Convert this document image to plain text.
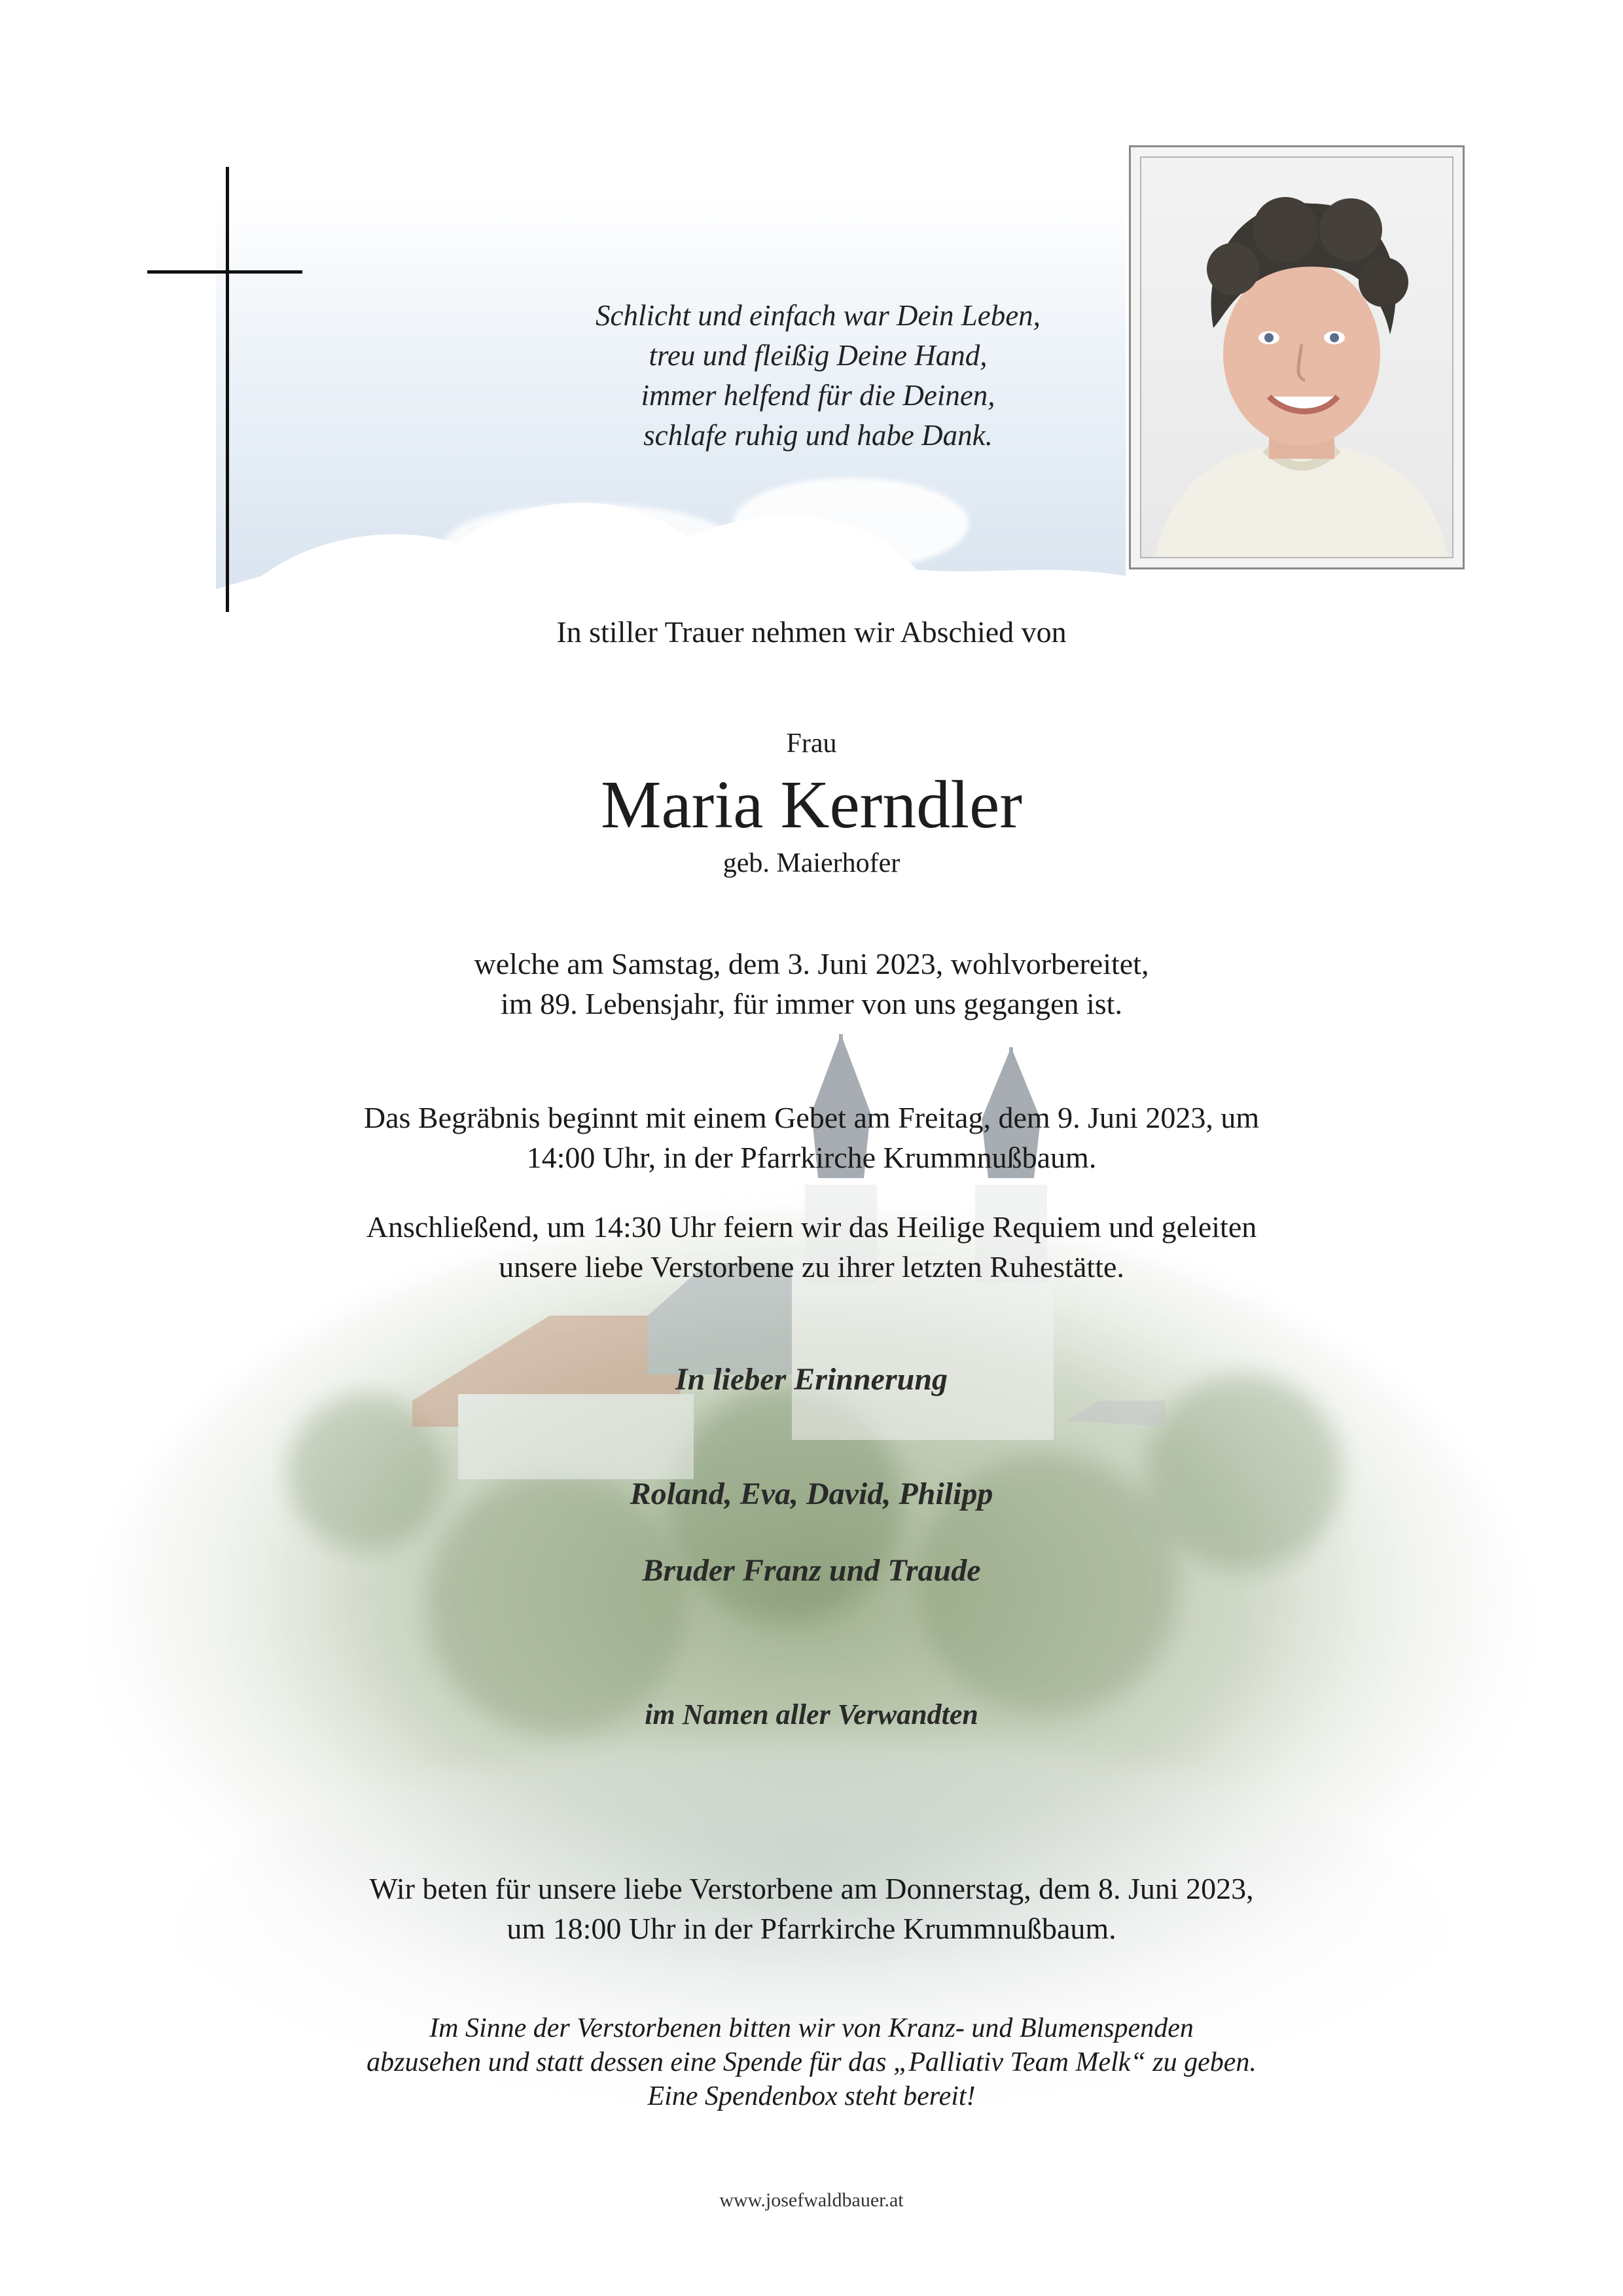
Schlicht und einfach war Dein Leben,
treu und fleißig Deine Hand,
immer helfend für die Deinen,
schlafe ruhig und habe Dank.
In stiller Trauer nehmen wir Abschied von
Frau
Maria Kerndler
geb. Maierhofer
welche am Samstag, dem 3. Juni 2023, wohlvorbereitet,
im 89. Lebensjahr, für immer von uns gegangen ist.
Das Begräbnis beginnt mit einem Gebet am Freitag, dem 9. Juni 2023, um
14:00 Uhr, in der Pfarrkirche Krummnußbaum.
Anschließend, um 14:30 Uhr feiern wir das Heilige Requiem und geleiten
unsere liebe Verstorbene zu ihrer letzten Ruhestätte.
In lieber Erinnerung
Roland, Eva, David, Philipp
Bruder Franz und Traude
im Namen aller Verwandten
Wir beten für unsere liebe Verstorbene am Donnerstag, dem 8. Juni 2023,
um 18:00 Uhr in der Pfarrkirche Krummnußbaum.
Im Sinne der Verstorbenen bitten wir von Kranz- und Blumenspenden
abzusehen und statt dessen eine Spende für das „Palliativ Team Melk“ zu geben.
Eine Spendenbox steht bereit!
www.josefwaldbauer.at
